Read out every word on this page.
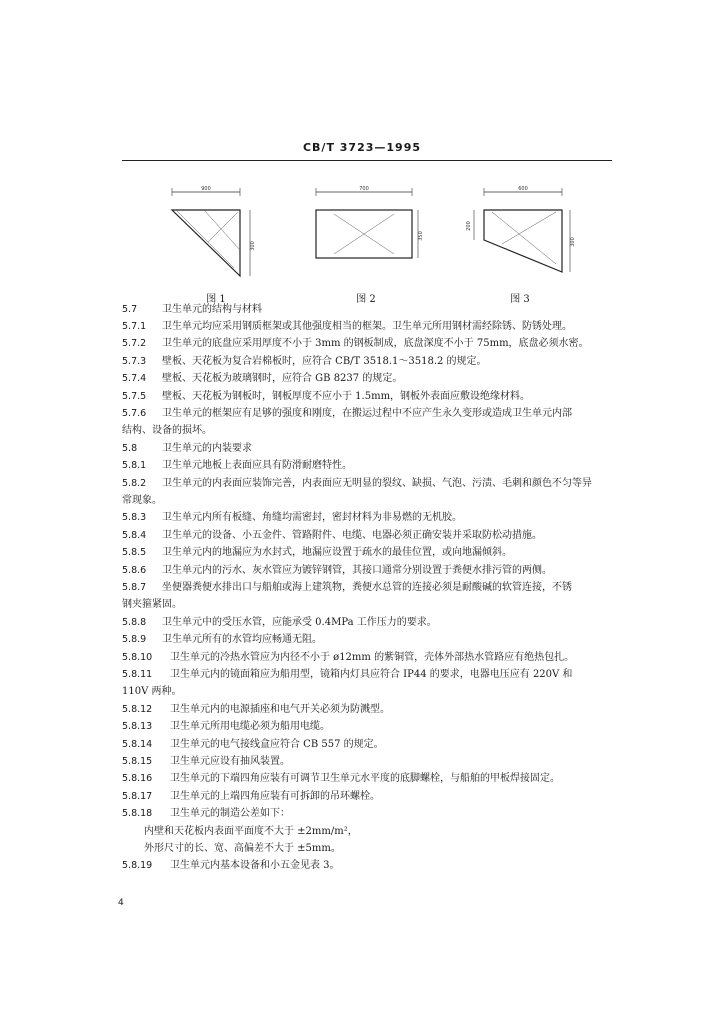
CB/T 3723—1995
900
300
图 1
700
350
图 2
600
200
300
图 3
5.7 卫生单元的结构与材料
5.7.1 卫生单元均应采用钢质框架或其他强度相当的框架。卫生单元所用钢材需经除锈、防锈处理。
5.7.2 卫生单元的底盘应采用厚度不小于 3mm 的钢板制成，底盘深度不小于 75mm，底盘必须水密。
5.7.3 壁板、天花板为复合岩棉板时，应符合 CB/T 3518.1～3518.2 的规定。
5.7.4 壁板、天花板为玻璃钢时，应符合 GB 8237 的规定。
5.7.5 壁板、天花板为钢板时，钢板厚度不应小于 1.5mm，钢板外表面应敷设绝缘材料。
5.7.6 卫生单元的框架应有足够的强度和刚度，在搬运过程中不应产生永久变形或造成卫生单元内部
结构、设备的损坏。
5.8 卫生单元的内装要求
5.8.1 卫生单元地板上表面应具有防滑耐磨特性。
5.8.2 卫生单元的内表面应装饰完善，内表面应无明显的裂纹、缺损、气泡、污渍、毛刺和颜色不匀等异
常现象。
5.8.3 卫生单元内所有板缝、角缝均需密封，密封材料为非易燃的无机胶。
5.8.4 卫生单元的设备、小五金件、管路附件、电缆、电器必须正确安装并采取防松动措施。
5.8.5 卫生单元内的地漏应为水封式，地漏应设置于疏水的最佳位置，或向地漏倾斜。
5.8.6 卫生单元内的污水、灰水管应为镀锌钢管，其接口通常分别设置于粪便水排污管的两侧。
5.8.7 坐便器粪便水排出口与船舶或海上建筑物，粪便水总管的连接必须是耐酸碱的软管连接，不锈
钢夹箍紧固。
5.8.8 卫生单元中的受压水管，应能承受 0.4MPa 工作压力的要求。
5.8.9 卫生单元所有的水管均应畅通无阻。
5.8.10 卫生单元的冷热水管应为内径不小于 ø12mm 的紫铜管，壳体外部热水管路应有绝热包扎。
5.8.11 卫生单元内的镜面箱应为船用型，镜箱内灯具应符合 IP44 的要求，电器电压应有 220V 和
110V 两种。
5.8.12 卫生单元内的电源插座和电气开关必须为防溅型。
5.8.13 卫生单元所用电缆必须为船用电缆。
5.8.14 卫生单元的电气接线盒应符合 CB 557 的规定。
5.8.15 卫生单元应设有抽风装置。
5.8.16 卫生单元的下端四角应装有可调节卫生单元水平度的底脚螺栓，与船舶的甲板焊接固定。
5.8.17 卫生单元的上端四角应装有可拆卸的吊环螺栓。
5.8.18 卫生单元的制造公差如下：
内壁和天花板内表面平面度不大于 ±2mm/m²，
外形尺寸的长、宽、高偏差不大于 ±5mm。
5.8.19 卫生单元内基本设备和小五金见表 3。
4
